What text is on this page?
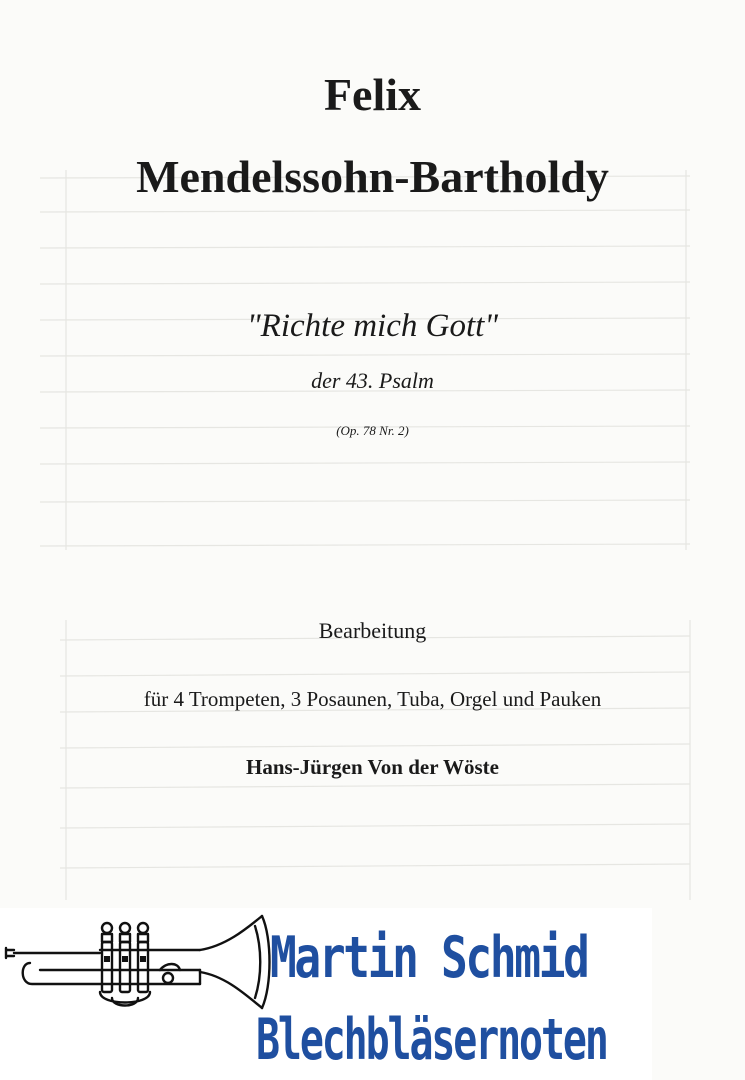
Felix
Mendelssohn-Bartholdy
"Richte mich Gott"
der 43. Psalm
(Op. 78 Nr. 2)
Bearbeitung
für 4 Trompeten, 3 Posaunen, Tuba, Orgel und Pauken
Hans-Jürgen Von der Wöste
Martin Schmid
Blechbläsernoten
